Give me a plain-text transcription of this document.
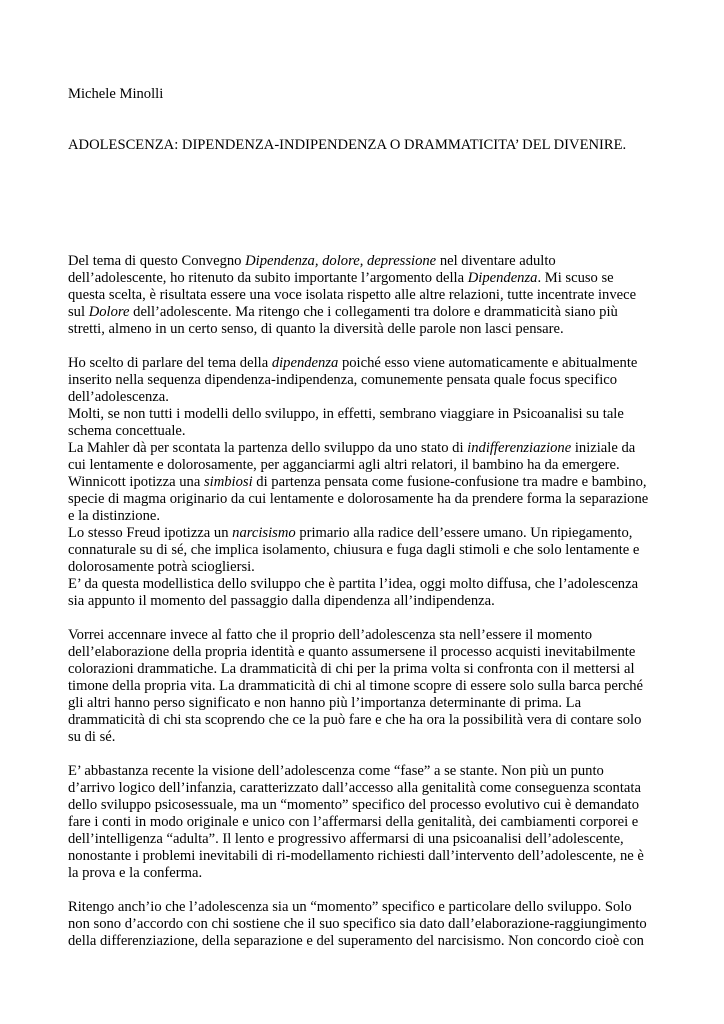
Michele Minolli
ADOLESCENZA: DIPENDENZA-INDIPENDENZA O DRAMMATICITA’ DEL DIVENIRE.
Del tema di questo Convegno Dipendenza, dolore, depressione nel diventare adulto
dell’adolescente, ho ritenuto da subito importante l’argomento della Dipendenza. Mi scuso se
questa scelta, è risultata essere una voce isolata rispetto alle altre relazioni, tutte incentrate invece
sul Dolore dell’adolescente. Ma ritengo che i collegamenti tra dolore e drammaticità siano più
stretti, almeno in un certo senso, di quanto la diversità delle parole non lasci pensare.
Ho scelto di parlare del tema della dipendenza poiché esso viene automaticamente e abitualmente
inserito nella sequenza dipendenza-indipendenza, comunemente pensata quale focus specifico
dell’adolescenza.
Molti, se non tutti i modelli dello sviluppo, in effetti, sembrano viaggiare in Psicoanalisi su tale
schema concettuale.
La Mahler dà per scontata la partenza dello sviluppo da uno stato di indifferenziazione iniziale da
cui lentamente e dolorosamente, per agganciarmi agli altri relatori, il bambino ha da emergere.
Winnicott ipotizza una simbiosi di partenza pensata come fusione-confusione tra madre e bambino,
specie di magma originario da cui lentamente e dolorosamente ha da prendere forma la separazione
e la distinzione.
Lo stesso Freud ipotizza un narcisismo primario alla radice dell’essere umano. Un ripiegamento,
connaturale su di sé, che implica isolamento, chiusura e fuga dagli stimoli e che solo lentamente e
dolorosamente potrà sciogliersi.
E’ da questa modellistica dello sviluppo che è partita l’idea, oggi molto diffusa, che l’adolescenza
sia appunto il momento del passaggio dalla dipendenza all’indipendenza.
Vorrei accennare invece al fatto che il proprio dell’adolescenza sta nell’essere il momento
dell’elaborazione della propria identità e quanto assumersene il processo acquisti inevitabilmente
colorazioni drammatiche. La drammaticità di chi per la prima volta si confronta con il mettersi al
timone della propria vita. La drammaticità di chi al timone scopre di essere solo sulla barca perché
gli altri hanno perso significato e non hanno più l’importanza determinante di prima. La
drammaticità di chi sta scoprendo che ce la può fare e che ha ora la possibilità vera di contare solo
su di sé.
E’ abbastanza recente la visione dell’adolescenza come “fase” a se stante. Non più un punto
d’arrivo logico dell’infanzia, caratterizzato dall’accesso alla genitalità come conseguenza scontata
dello sviluppo psicosessuale, ma un “momento” specifico del processo evolutivo cui è demandato
fare i conti in modo originale e unico con l’affermarsi della genitalità, dei cambiamenti corporei e
dell’intelligenza “adulta”. Il lento e progressivo affermarsi di una psicoanalisi dell’adolescente,
nonostante i problemi inevitabili di ri-modellamento richiesti dall’intervento dell’adolescente, ne è
la prova e la conferma.
Ritengo anch’io che l’adolescenza sia un “momento” specifico e particolare dello sviluppo. Solo
non sono d’accordo con chi sostiene che il suo specifico sia dato dall’elaborazione-raggiungimento
della differenziazione, della separazione e del superamento del narcisismo. Non concordo cioè con
